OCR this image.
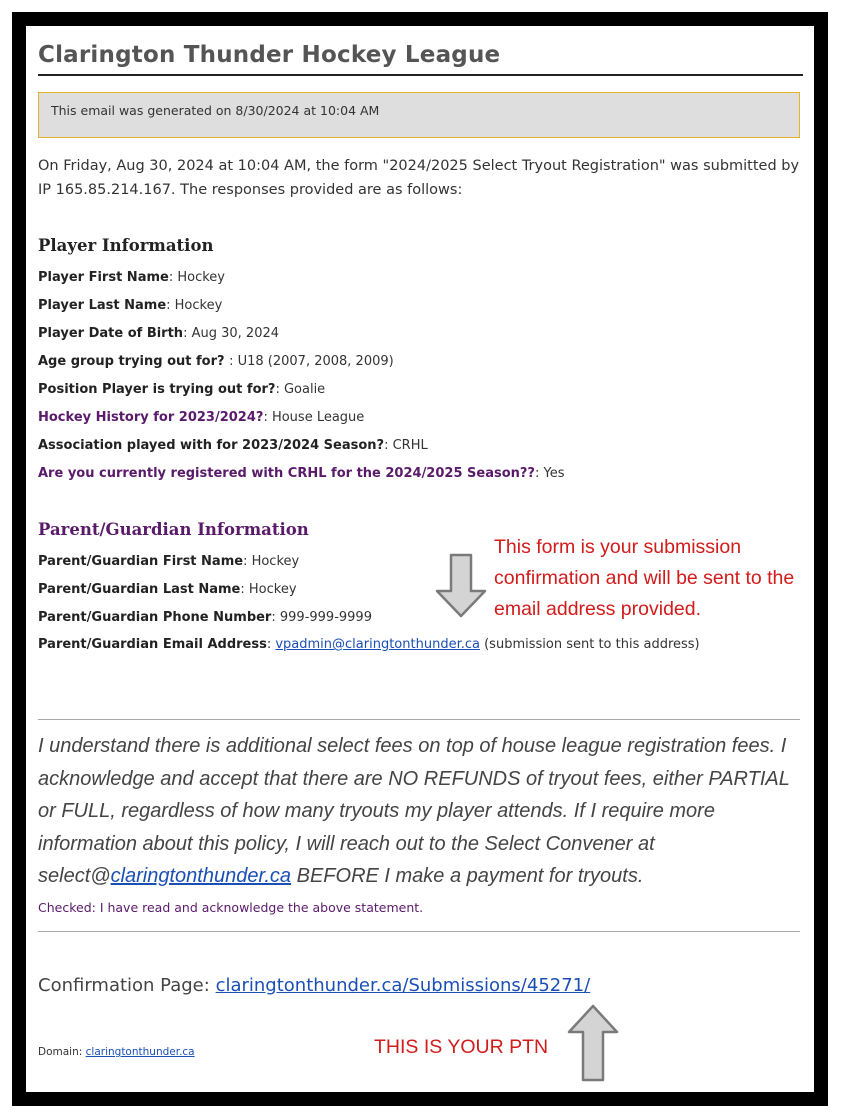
Clarington Thunder Hockey League
This email was generated on 8/30/2024 at 10:04 AM
On Friday, Aug 30, 2024 at 10:04 AM, the form "2024/2025 Select Tryout Registration" was submitted by IP 165.85.214.167. The responses provided are as follows:
Player Information
Player First Name: Hockey
Player Last Name: Hockey
Player Date of Birth: Aug 30, 2024
Age group trying out for? : U18 (2007, 2008, 2009)
Position Player is trying out for?: Goalie
Hockey History for 2023/2024?: House League
Association played with for 2023/2024 Season?: CRHL
Are you currently registered with CRHL for the 2024/2025 Season??: Yes
Parent/Guardian Information
Parent/Guardian First Name: Hockey
Parent/Guardian Last Name: Hockey
Parent/Guardian Phone Number: 999-999-9999
Parent/Guardian Email Address: vpadmin@claringtonthunder.ca (submission sent to this address)
This form is your submission confirmation and will be sent to the email address provided.
I understand there is additional select fees on top of house league registration fees. I acknowledge and accept that there are NO REFUNDS of tryout fees, either PARTIAL or FULL, regardless of how many tryouts my player attends. If I require more information about this policy, I will reach out to the Select Convener at select@claringtonthunder.ca BEFORE I make a payment for tryouts.
Checked: I have read and acknowledge the above statement.
Confirmation Page: claringtonthunder.ca/Submissions/45271/
Domain: claringtonthunder.ca	THIS IS YOUR PTN
